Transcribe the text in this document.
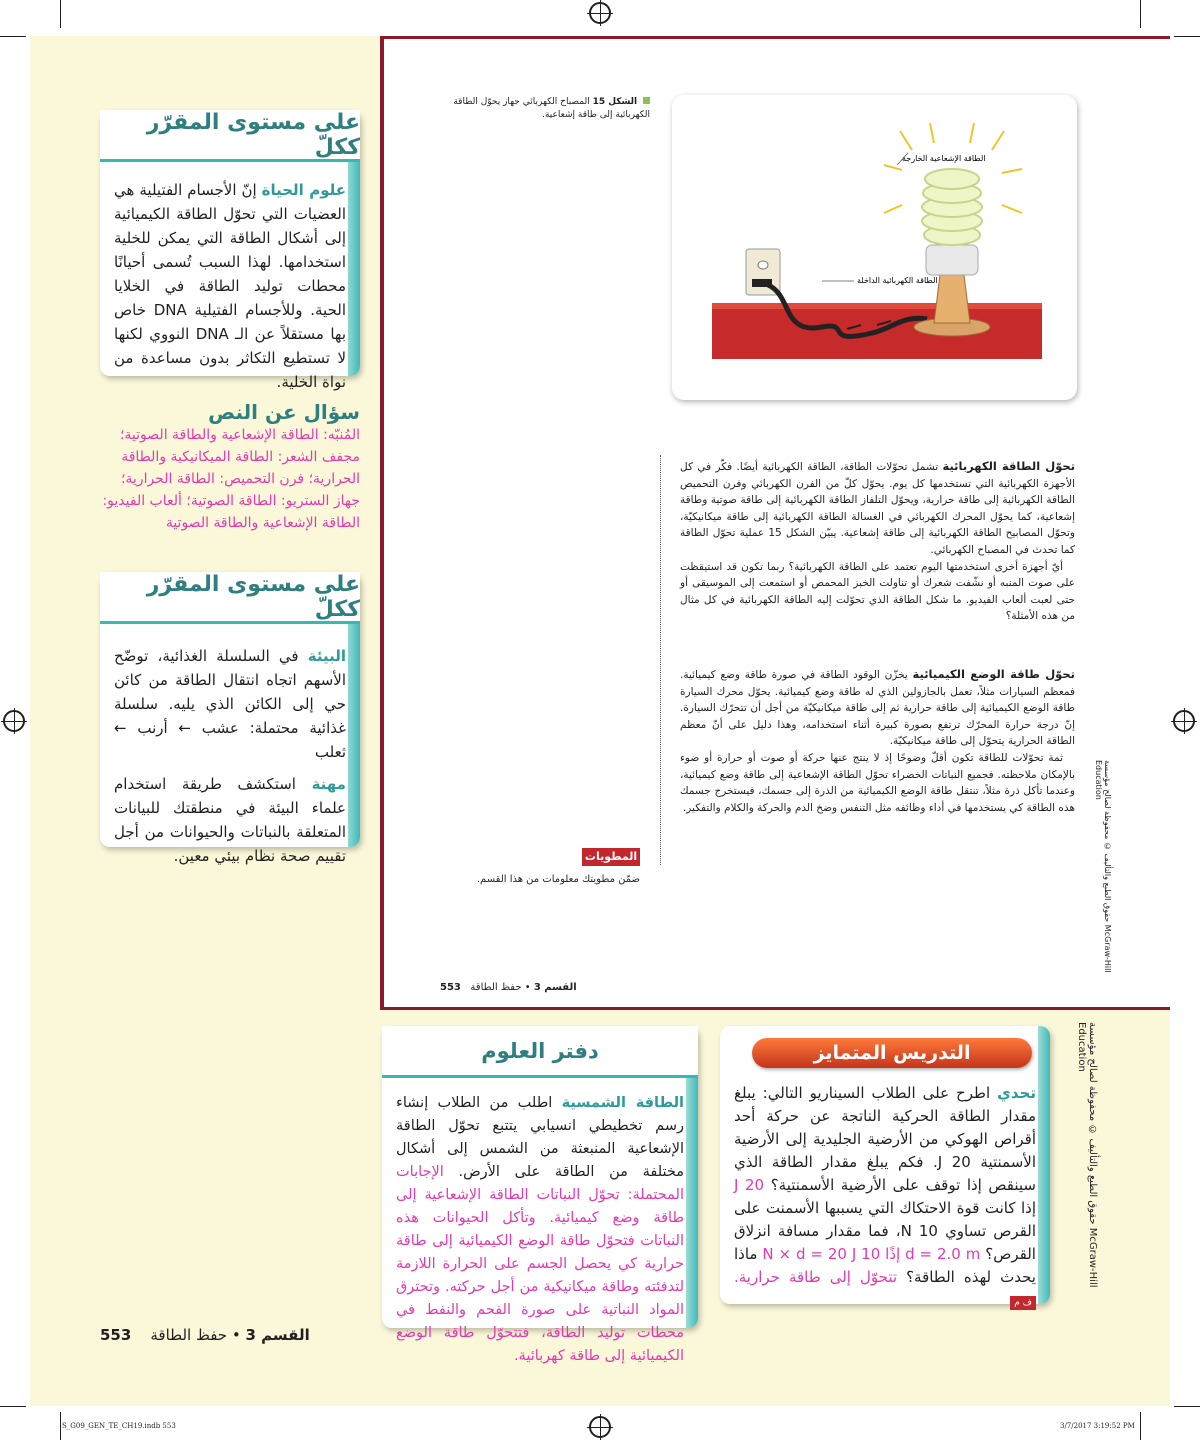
على مستوى المقرّر ككلّ
علوم الحياة إنّ الأجسام الفتيلية هي العضيات التي تحوّل الطاقة الكيميائية إلى أشكال الطاقة التي يمكن للخلية استخدامها. لهذا السبب تُسمى أحيانًا محطات توليد الطاقة في الخلايا الحية. وللأجسام الفتيلية DNA خاص بها مستقلاً عن الـ DNA النووي لكنها لا تستطيع التكاثر بدون مساعدة من نواة الخلية.
سؤال عن النص

المُنبّه: الطاقة الإشعاعية والطاقة الصوتية؛ مجفف الشعر: الطاقة الميكانيكية والطاقة الحرارية؛ فرن التحميص: الطاقة الحرارية؛ جهاز الستريو: الطاقة الصوتية؛ ألعاب الفيديو: الطاقة الإشعاعية والطاقة الصوتية

على مستوى المقرّر ككلّ

البيئة في السلسلة الغذائية، توضّح الأسهم اتجاه انتقال الطاقة من كائن حي إلى الكائن الذي يليه. سلسلة غذائية محتملة: عشب ← أرنب ← ثعلب

مهنة استكشف طريقة استخدام علماء البيئة في منطقتك للبيانات المتعلقة بالنباتات والحيوانات من أجل تقييم صحة نظام بيئي معين.

الشكل 15 المصباح الكهربائي جهاز يحوّل الطاقة الكهربائية إلى طاقة إشعاعية.
الطاقة الإشعاعية الخارجة
الطاقة الكهربائية الداخلة

تحوّل الطاقة الكهربائية تشمل تحوّلات الطاقة، الطاقة الكهربائية أيضًا. فكّر في كل الأجهزة الكهربائية التي تستخدمها كل يوم. يحوّل كلّ من الفرن الكهربائي وفرن التحميص الطاقة الكهربائية إلى طاقة حرارية، ويحوّل التلفاز الطاقة الكهربائية إلى طاقة صوتية وطاقة إشعاعية، كما يحوّل المحرك الكهربائي في الغسالة الطاقة الكهربائية إلى طاقة ميكانيكيّة، وتحوّل المصابيح الطاقة الكهربائية إلى طاقة إشعاعية. يبيّن الشكل 15 عملية تحوّل الطاقة كما تحدث في المصباح الكهربائي.

أيّ أجهزة أخرى استخدمتها اليوم تعتمد على الطاقة الكهربائية؟ ربما تكون قد استيقظت على صوت المنبه أو نشّفت شعرك أو تناولت الخبز المحمص أو استمعت إلى الموسيقى أو حتى لعبت ألعاب الفيديو. ما شكل الطاقة الذي تحوّلت إليه الطاقة الكهربائية في كل مثال من هذه الأمثلة؟

تحوّل طاقة الوضع الكيميائية يخزّن الوقود الطاقة في صورة طاقة وضع كيميائية. فمعظم السيارات مثلاً، تعمل بالجازولين الذي له طاقة وضع كيميائية. يحوّل محرك السيارة طاقة الوضع الكيميائية إلى طاقة حرارية ثم إلى طاقة ميكانيكيّة من أجل أن تتحرّك السيارة. إنّ درجة حرارة المحرّك ترتفع بصورة كبيرة أثناء استخدامه، وهذا دليل على أنّ معظم الطاقة الحرارية يتحوّل إلى طاقة ميكانيكيّة.

ثمة تحوّلات للطاقة تكون أقلّ وضوحًا إذ لا ينتج عنها حركة أو صوت أو حرارة أو ضوء بالإمكان ملاحظته. فجميع النباتات الخضراء تحوّل الطاقة الإشعاعية إلى طاقة وضع كيميائية، وعندما تأكل ذرة مثلاً، تنتقل طاقة الوضع الكيميائية من الذرة إلى جسمك، فيستخرج جسمك هذه الطاقة كي يستخدمها في أداء وظائفه مثل التنفس وضخ الدم والحركة والكلام والتفكير.

المطويات
ضمّن مطويتك معلومات من هذا القسم.
القسم 3 • حفظ الطاقة   553
حقوق الطبع والتأليف © محفوظة لصالح مؤسسة McGraw-Hill Education
حقوق الطبع والتأليف © محفوظة لصالح مؤسسة McGraw-Hill Education
تحدي اطرح على الطلاب السيناريو التالي: يبلغ مقدار الطاقة الحركية الناتجة عن حركة أحد أقراص الهوكي من الأرضية الجليدية إلى الأرضية الأسمنتية J 20. فكم يبلغ مقدار الطاقة الذي سينقص إذا توقف على الأرضية الأسمنتية؟ 20 J إذا كانت قوة الاحتكاك التي يسببها الأسمنت على القرص تساوي N 10، فما مقدار مسافة انزلاق القرص؟ d = 2.0 m إذًا 10 N × d = 20 J ماذا يحدث لهذه الطاقة؟ تتحوّل إلى طاقة حرارية. ف م
التدريس المتمايز
دفتر العلوم
الطاقة الشمسية اطلب من الطلاب إنشاء رسم تخطيطي انسيابي يتتبع تحوّل الطاقة الإشعاعية المنبعثة من الشمس إلى أشكال مختلفة من الطاقة على الأرض. الإجابات المحتملة: تحوّل النباتات الطاقة الإشعاعية إلى طاقة وضع كيميائية. وتأكل الحيوانات هذه النباتات فتحوّل طاقة الوضع الكيميائية إلى طاقة حرارية كي يحصل الجسم على الحرارة اللازمة لتدفئته وطاقة ميكانيكية من أجل حركته. وتحترق المواد النباتية على صورة الفحم والنفط في محطات توليد الطاقة، فتتحوّل طاقة الوضع الكيميائية إلى طاقة كهربائية.
القسم 3 • حفظ الطاقة    553
S_G09_GEN_TE_CH19.indb 553	3/7/2017 3:19:52 PM
